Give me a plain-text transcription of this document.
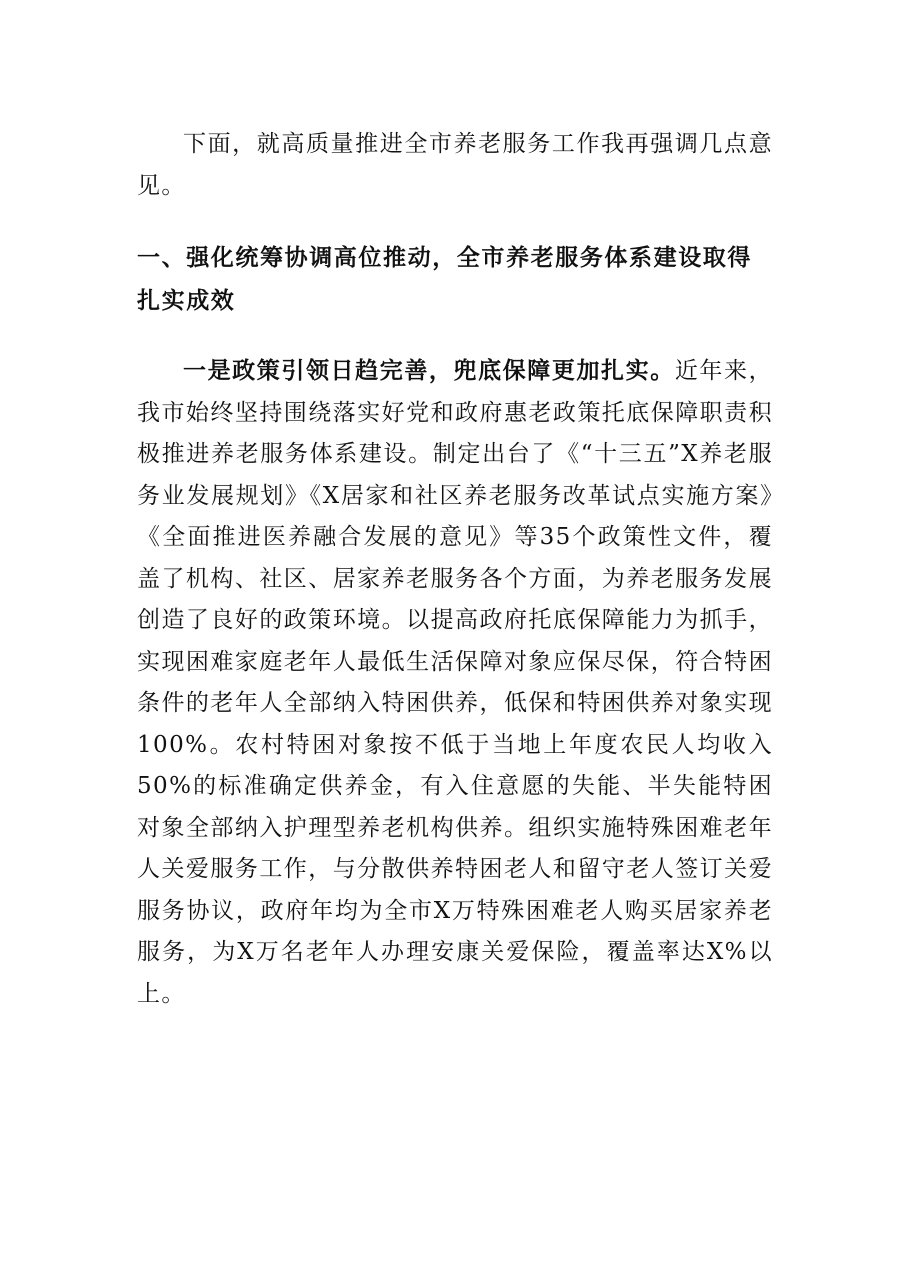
下面，就高质量推进全市养老服务工作我再强调几点意见。

一、强化统筹协调高位推动，全市养老服务体系建设取得扎实成效

一是政策引领日趋完善，兜底保障更加扎实。近年来，我市始终坚持围绕落实好党和政府惠老政策托底保障职责积极推进养老服务体系建设。制定出台了《“十三五”X养老服务业发展规划》《X居家和社区养老服务改革试点实施方案》《全面推进医养融合发展的意见》等35个政策性文件，覆盖了机构、社区、居家养老服务各个方面，为养老服务发展创造了良好的政策环境。以提高政府托底保障能力为抓手，实现困难家庭老年人最低生活保障对象应保尽保，符合特困条件的老年人全部纳入特困供养，低保和特困供养对象实现100%。农村特困对象按不低于当地上年度农民人均收入50%的标准确定供养金，有入住意愿的失能、半失能特困对象全部纳入护理型养老机构供养。组织实施特殊困难老年人关爱服务工作，与分散供养特困老人和留守老人签订关爱服务协议，政府年均为全市X万特殊困难老人购买居家养老服务，为X万名老年人办理安康关爱保险，覆盖率达X%以上。
